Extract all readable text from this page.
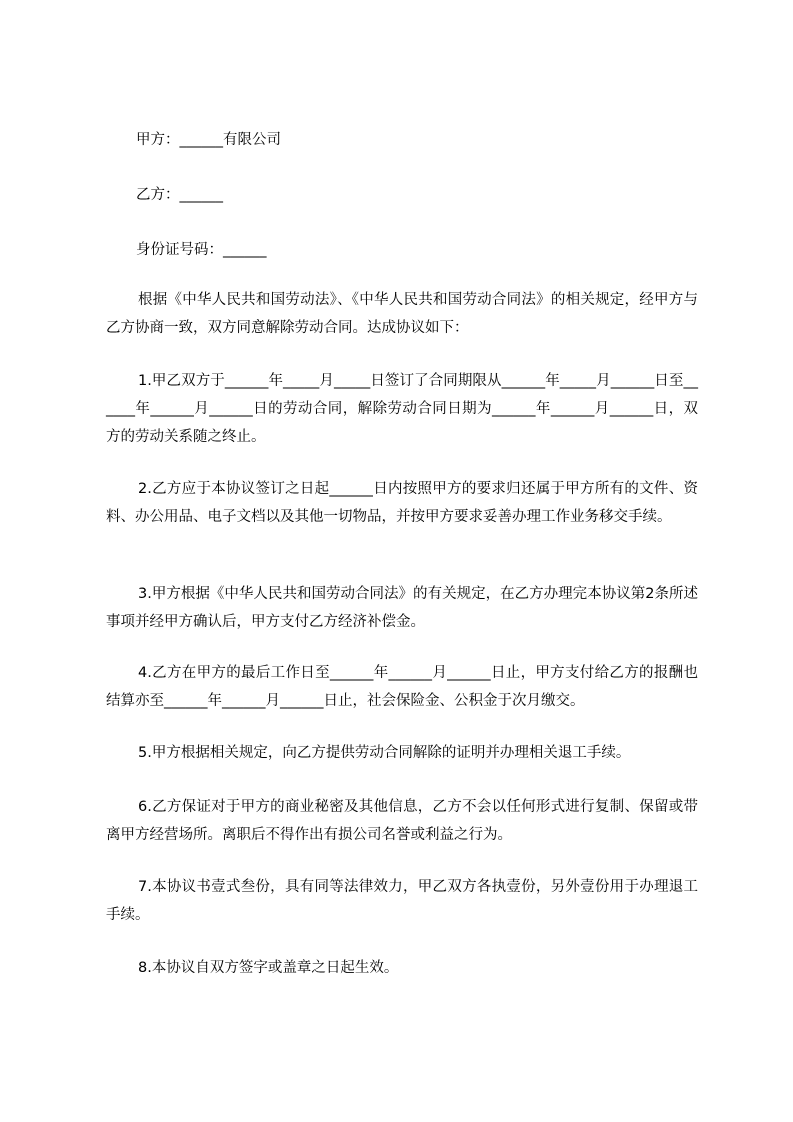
甲方：______有限公司
乙方：______
身份证号码：______
根据《中华人民共和国劳动法》、《中华人民共和国劳动合同法》的相关规定，经甲方与乙方协商一致，双方同意解除劳动合同。达成协议如下：
1.甲乙双方于______年_____月_____日签订了合同期限从______年_____月______日至______年______月______日的劳动合同，解除劳动合同日期为______年______月______日，双方的劳动关系随之终止。
2.乙方应于本协议签订之日起______日内按照甲方的要求归还属于甲方所有的文件、资料、办公用品、电子文档以及其他一切物品，并按甲方要求妥善办理工作业务移交手续。
3.甲方根据《中华人民共和国劳动合同法》的有关规定，在乙方办理完本协议第2条所述事项并经甲方确认后，甲方支付乙方经济补偿金。
4.乙方在甲方的最后工作日至______年______月______日止，甲方支付给乙方的报酬也结算亦至______年______月______日止，社会保险金、公积金于次月缴交。
5.甲方根据相关规定，向乙方提供劳动合同解除的证明并办理相关退工手续。
6.乙方保证对于甲方的商业秘密及其他信息，乙方不会以任何形式进行复制、保留或带离甲方经营场所。离职后不得作出有损公司名誉或利益之行为。
7.本协议书壹式叁份，具有同等法律效力，甲乙双方各执壹份，另外壹份用于办理退工手续。
8.本协议自双方签字或盖章之日起生效。
